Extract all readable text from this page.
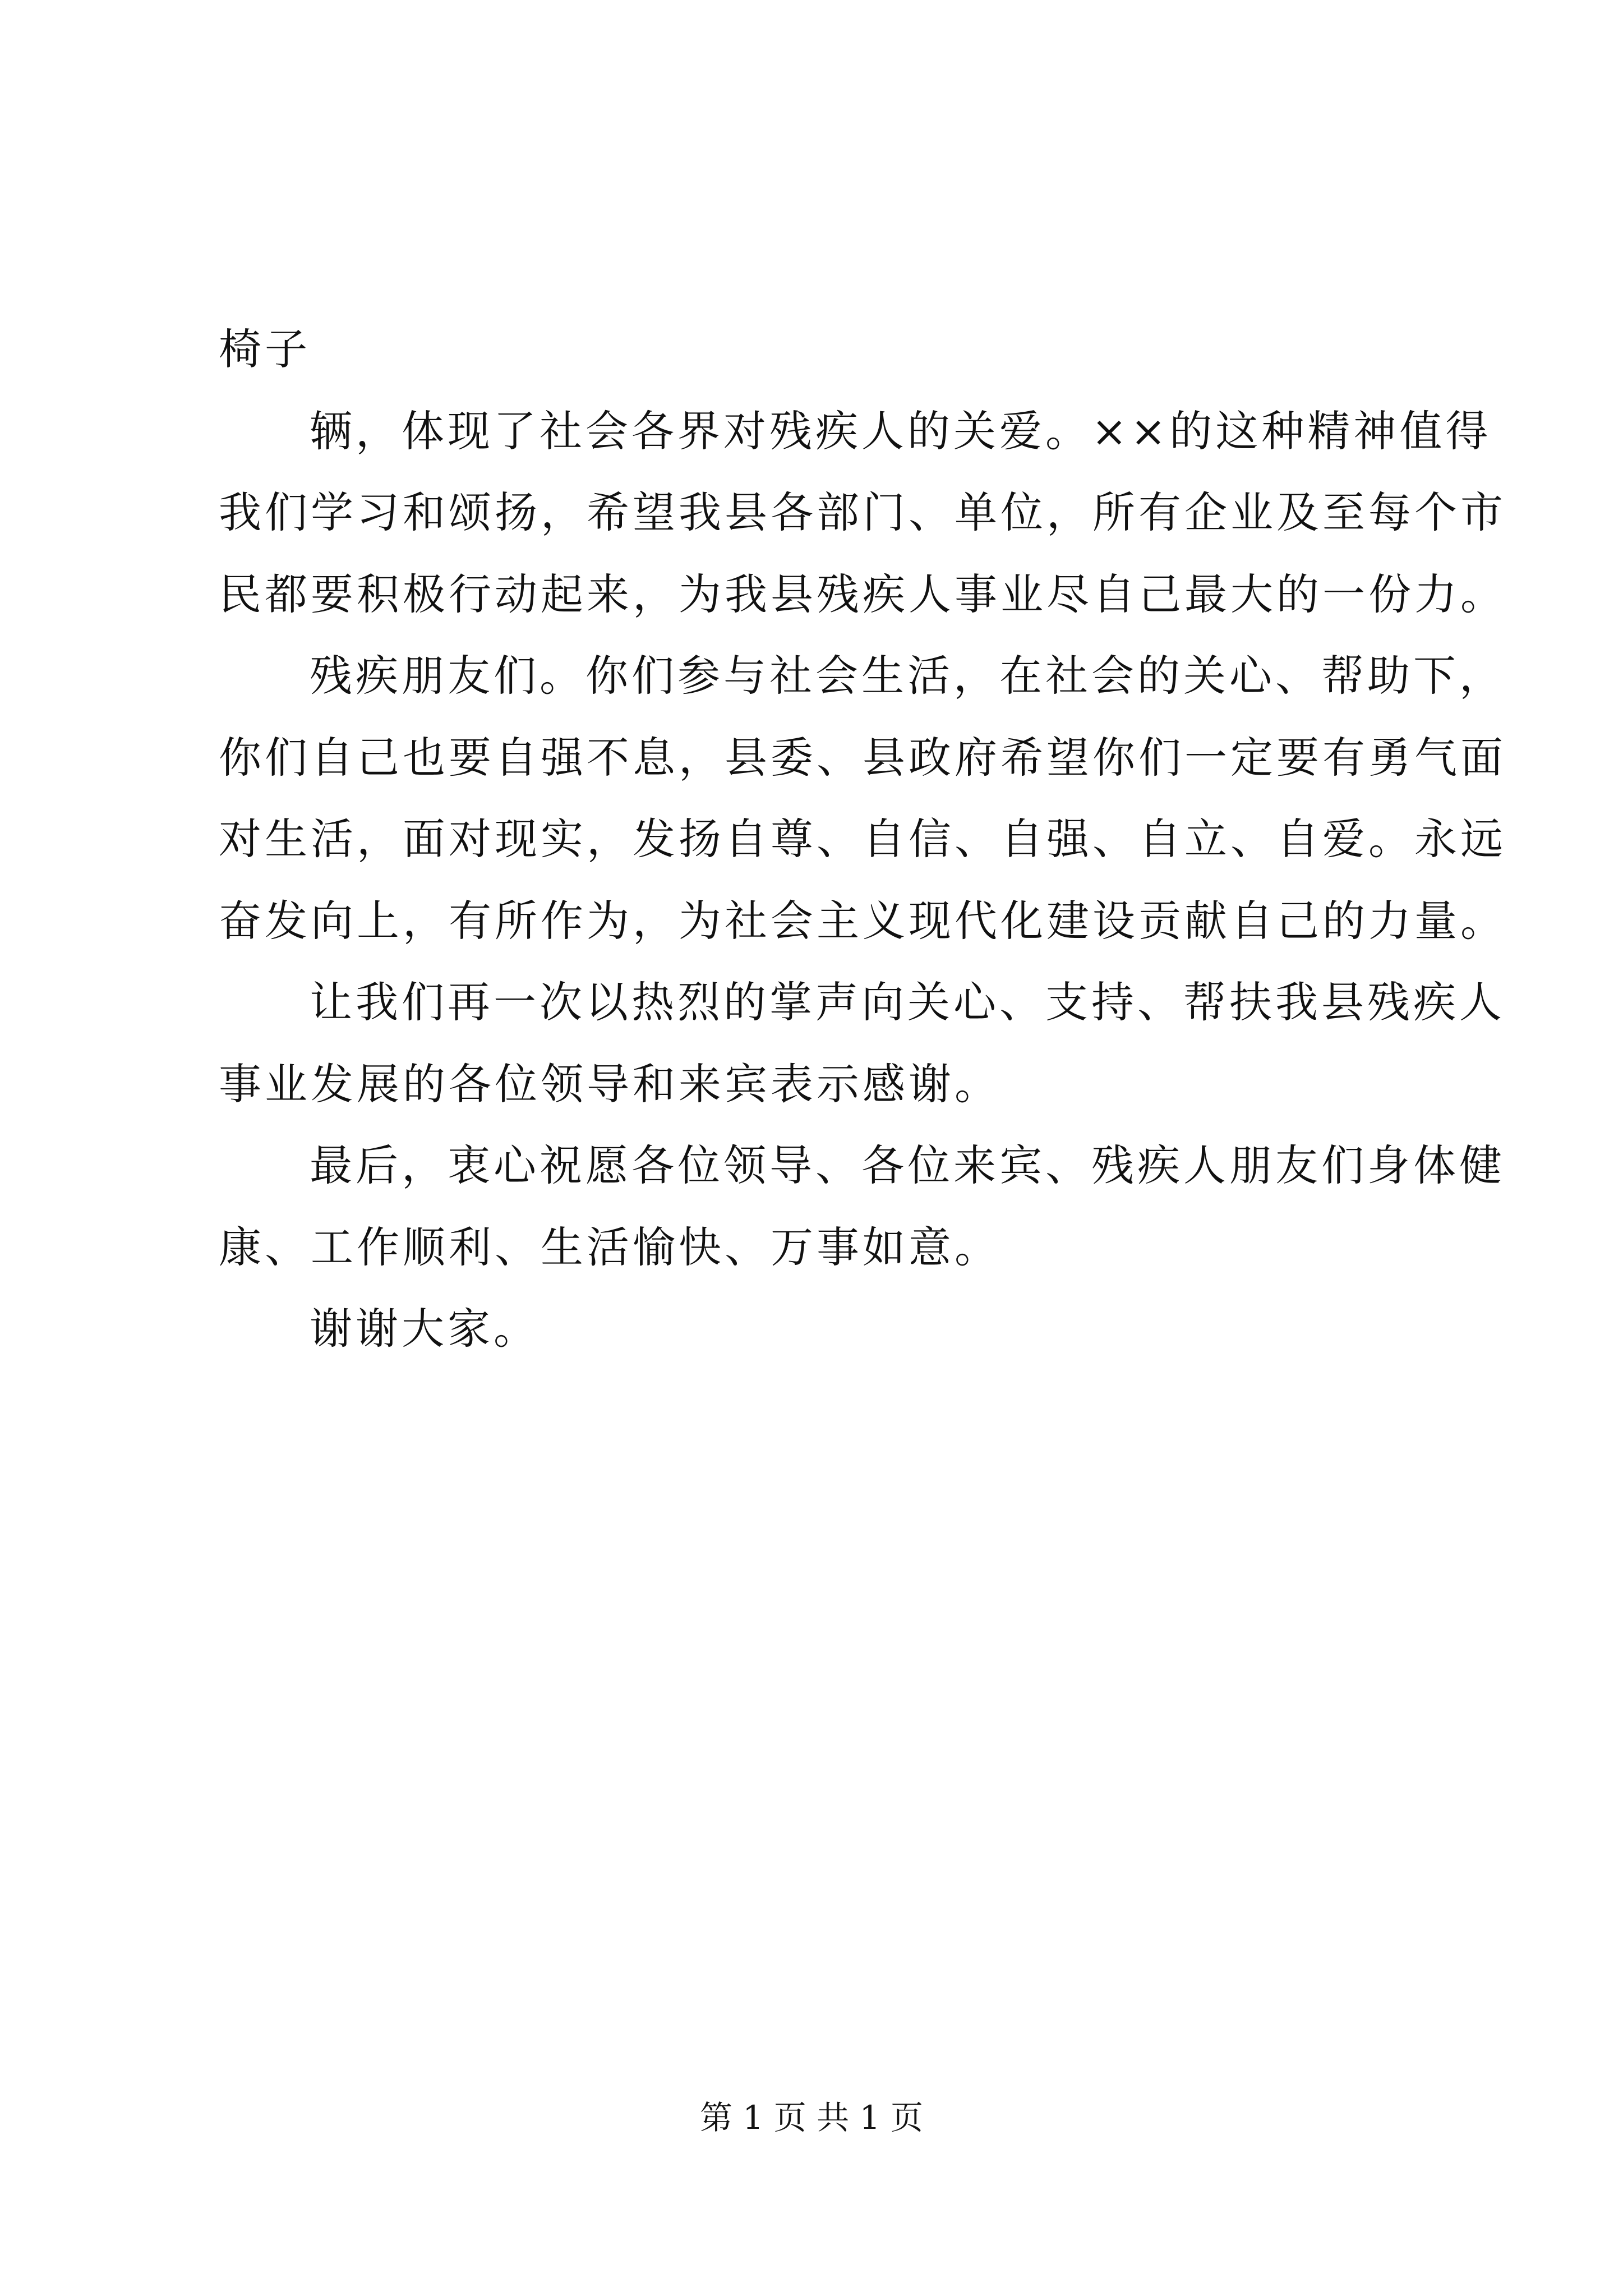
椅子
辆，体现了社会各界对残疾人的关爱。××的这种精神值得
我们学习和颂扬，希望我县各部门、单位，所有企业及至每个市
民都要积极行动起来，为我县残疾人事业尽自己最大的一份力。
残疾朋友们。你们参与社会生活，在社会的关心、帮助下，
你们自己也要自强不息，县委、县政府希望你们一定要有勇气面
对生活，面对现实，发扬自尊、自信、自强、自立、自爱。永远
奋发向上，有所作为，为社会主义现代化建设贡献自己的力量。
让我们再一次以热烈的掌声向关心、支持、帮扶我县残疾人
事业发展的各位领导和来宾表示感谢。
最后，衷心祝愿各位领导、各位来宾、残疾人朋友们身体健
康、工作顺利、生活愉快、万事如意。
谢谢大家。
第 1 页 共 1 页
